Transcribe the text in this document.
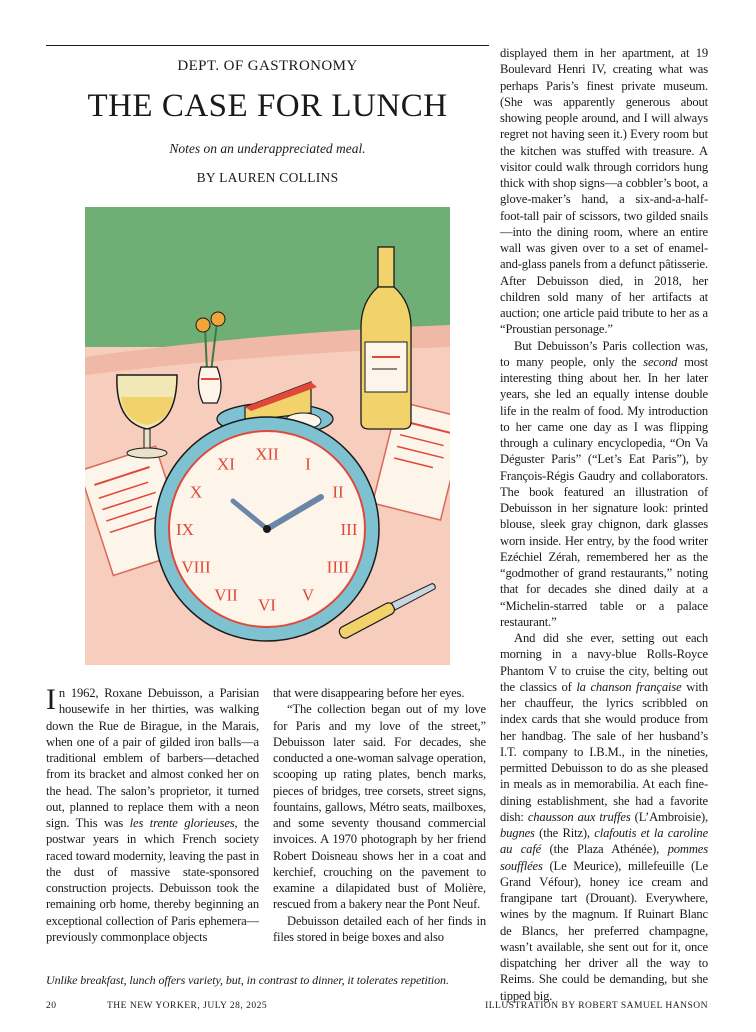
DEPT. OF GASTRONOMY
THE CASE FOR LUNCH
Notes on an underappreciated meal.
BY LAUREN COLLINS
XII
I
II
III
IIII
V
VI
VII
VIII
IX
X
XI

In 1962, Roxane Debuisson, a Parisian housewife in her thirties, was walking down the Rue de Birague, in the Marais, when one of a pair of gilded iron balls—a traditional emblem of barbers—detached from its bracket and almost conked her on the head. The salon’s proprietor, it turned out, planned to replace them with a neon sign. This was les trente glorieuses, the postwar years in which French society raced toward modernity, leaving the past in the dust of massive state-sponsored construction projects. Debuisson took the remaining orb home, thereby beginning an exceptional collection of Paris ephemera—previously commonplace objects

that were disappearing before her eyes.

“The collection began out of my love for Paris and my love of the street,” Debuisson later said. For decades, she conducted a one-woman salvage operation, scooping up rating plates, bench marks, pieces of bridges, tree corsets, street signs, fountains, gallows, Métro seats, mailboxes, and some seventy thousand commercial invoices. A 1970 photograph by her friend Robert Doisneau shows her in a coat and kerchief, crouching on the pavement to examine a dilapidated bust of Molière, rescued from a bakery near the Pont Neuf.

Debuisson detailed each of her finds in files stored in beige boxes and also

displayed them in her apartment, at 19 Boulevard Henri IV, creating what was perhaps Paris’s finest private museum. (She was apparently generous about showing people around, and I will always regret not having seen it.) Every room but the kitchen was stuffed with treasure. A visitor could walk through corridors hung thick with shop signs—a cobbler’s boot, a glove-maker’s hand, a six-and-a-half-foot-tall pair of scissors, two gilded snails—into the dining room, where an entire wall was given over to a set of enamel-and-glass panels from a defunct pâtisserie. After Debuisson died, in 2018, her children sold many of her artifacts at auction; one article paid tribute to her as a “Proustian personage.”

But Debuisson’s Paris collection was, to many people, only the second most interesting thing about her. In her later years, she led an equally intense double life in the realm of food. My introduction to her came one day as I was flipping through a culinary encyclopedia, “On Va Déguster Paris” (“Let’s Eat Paris”), by François-Régis Gaudry and collaborators. The book featured an illustration of Debuisson in her signature look: printed blouse, sleek gray chignon, dark glasses worn inside. Her entry, by the food writer Ezéchiel Zérah, remembered her as the “godmother of grand restaurants,” noting that for decades she dined daily at a “Michelin-starred table or a palace restaurant.”

And did she ever, setting out each morning in a navy-blue Rolls-Royce Phantom V to cruise the city, belting out the classics of la chanson française with her chauffeur, the lyrics scribbled on index cards that she would produce from her handbag. The sale of her husband’s I.T. company to I.B.M., in the nineties, permitted Debuisson to do as she pleased in meals as in memorabilia. At each fine-dining establishment, she had a favorite dish: chausson aux truffes (L’Ambroisie), bugnes (the Ritz), clafoutis et la caroline au café (the Plaza Athénée), pommes soufflées (Le Meurice), millefeuille (Le Grand Véfour), honey ice cream and frangipane tart (Drouant). Everywhere, wines by the magnum. If Ruinart Blanc de Blancs, her preferred champagne, wasn’t available, she sent out for it, once dispatching her driver all the way to Reims. She could be demanding, but she tipped big.

Unlike breakfast, lunch offers variety, but, in contrast to dinner, it tolerates repetition.
20	THE NEW YORKER, JULY 28, 2025	ILLUSTRATION BY ROBERT SAMUEL HANSON
